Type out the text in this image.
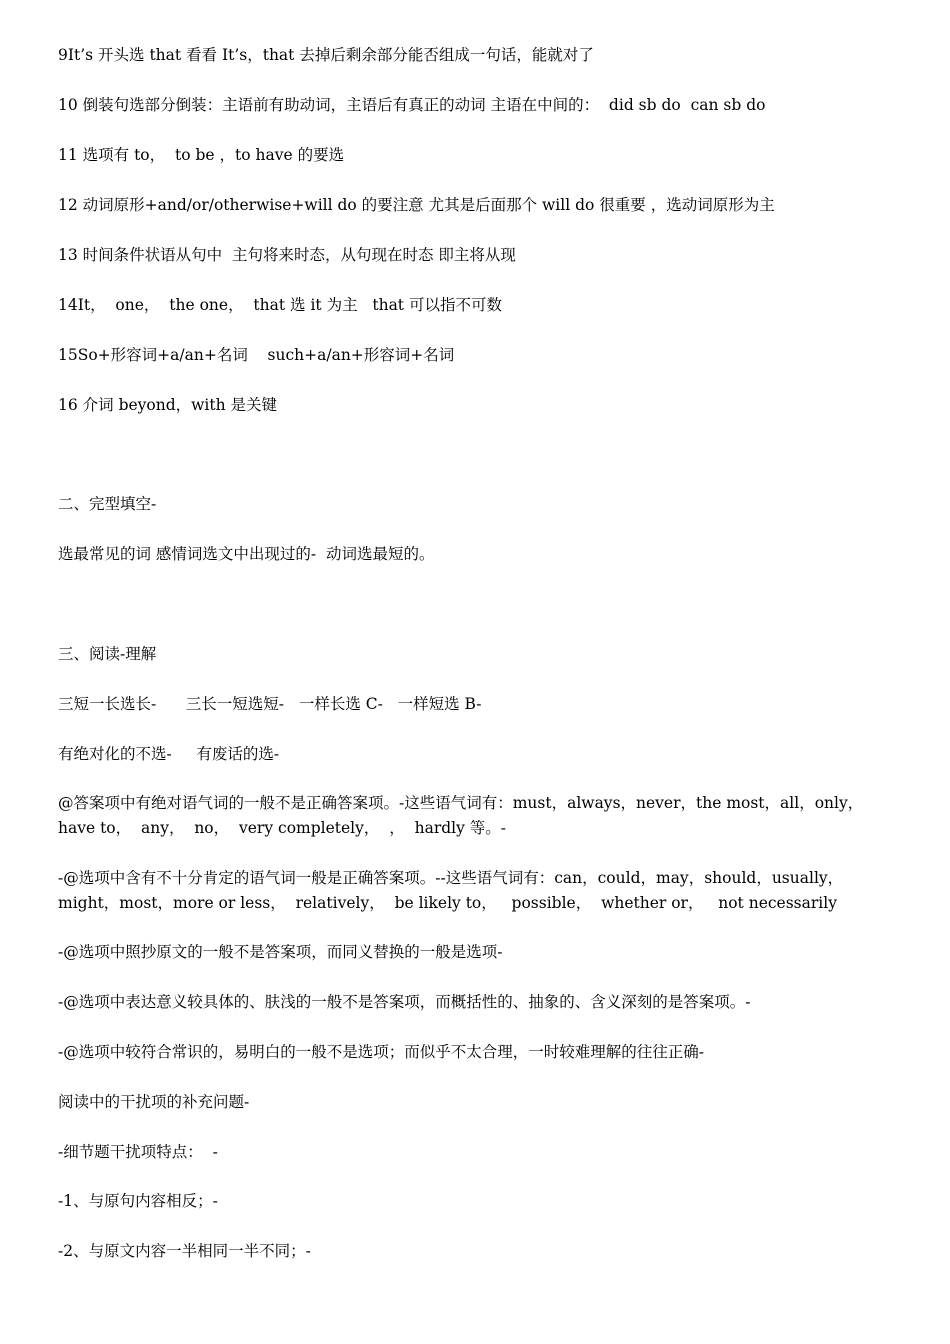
9It’s 开头选 that 看看 It’s，that 去掉后剩余部分能否组成一句话，能就对了
10 倒装句选部分倒装：主语前有助动词，主语后有真正的动词 主语在中间的：  did sb do  can sb do
11 选项有 to，  to be ，to have 的要选
12 动词原形+and/or/otherwise+will do 的要注意 尤其是后面那个 will do 很重要 ，选动词原形为主
13 时间条件状语从句中  主句将来时态，从句现在时态 即主将从现
14It，  one，  the one，  that 选 it 为主   that 可以指不可数
15So+形容词+a/an+名词    such+a/an+形容词+名词
16 介词 beyond，with 是关键
二、完型填空-
选最常见的词 感情词选文中出现过的-  动词选最短的。
三、阅读-理解
三短一长选长-      三长一短选短-   一样长选 C-   一样短选 B-
有绝对化的不选-     有废话的选-
@答案项中有绝对语气词的一般不是正确答案项。-这些语气词有：must，always，never，the most，all，only，have to，  any，  no，  very completely，  ，  hardly 等。-
-@选项中含有不十分肯定的语气词一般是正确答案项。--这些语气词有：can，could，may，should，usually，might，most，more or less，  relatively，  be likely to，   possible，  whether or，   not necessarily
-@选项中照抄原文的一般不是答案项，而同义替换的一般是选项-
-@选项中表达意义较具体的、肤浅的一般不是答案项，而概括性的、抽象的、含义深刻的是答案项。-
-@选项中较符合常识的，易明白的一般不是选项；而似乎不太合理，一时较难理解的往往正确-
阅读中的干扰项的补充问题-
-细节题干扰项特点：  -
-1、与原句内容相反；-
-2、与原文内容一半相同一半不同；-
